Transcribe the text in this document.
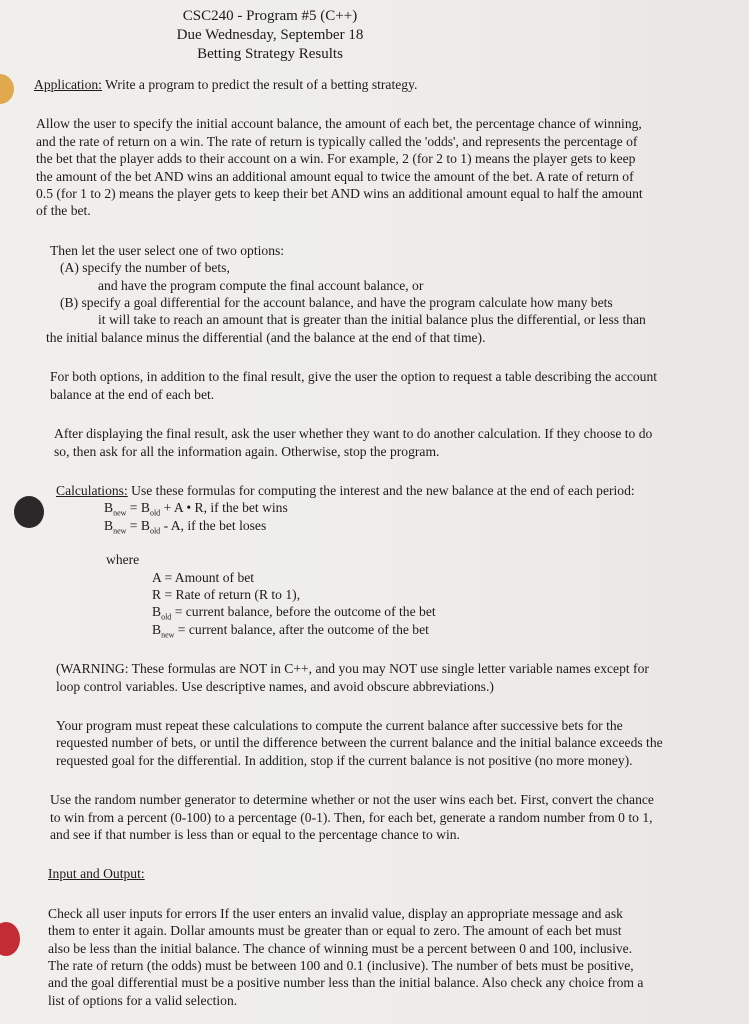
CSC240 - Program #5 (C++)
Due Wednesday, September 18
Betting Strategy Results
Application: Write a program to predict the result of a betting strategy.
Allow the user to specify the initial account balance, the amount of each bet, the percentage chance of winning,
and the rate of return on a win. The rate of return is typically called the 'odds', and represents the percentage of
the bet that the player adds to their account on a win. For example, 2 (for 2 to 1) means the player gets to keep
the amount of the bet AND wins an additional amount equal to twice the amount of the bet. A rate of return of
0.5 (for 1 to 2) means the player gets to keep their bet AND wins an additional amount equal to half the amount
of the bet.
Then let the user select one of two options:
(A) specify the number of bets,
and have the program compute the final account balance, or
(B) specify a goal differential for the account balance, and have the program calculate how many bets
it will take to reach an amount that is greater than the initial balance plus the differential, or less than
the initial balance minus the differential (and the balance at the end of that time).
For both options, in addition to the final result, give the user the option to request a table describing the account
balance at the end of each bet.
After displaying the final result, ask the user whether they want to do another calculation. If they choose to do
so, then ask for all the information again. Otherwise, stop the program.
Calculations: Use these formulas for computing the interest and the new balance at the end of each period:
$B_{new} = B_{old} + A$ • R, if the bet wins
$B_{new} = B_{old} - A$, if the bet loses
where
A = Amount of bet
R = Rate of return (R to 1),
$B_{old}$ = current balance, before the outcome of the bet
$B_{new}$ = current balance, after the outcome of the bet
(WARNING: These formulas are NOT in C++, and you may NOT use single letter variable names except for
loop control variables. Use descriptive names, and avoid obscure abbreviations.)
Your program must repeat these calculations to compute the current balance after successive bets for the
requested number of bets, or until the difference between the current balance and the initial balance exceeds the
requested goal for the differential. In addition, stop if the current balance is not positive (no more money).
Use the random number generator to determine whether or not the user wins each bet. First, convert the chance
to win from a percent (0-100) to a percentage (0-1). Then, for each bet, generate a random number from 0 to 1,
and see if that number is less than or equal to the percentage chance to win.
Input and Output:
Check all user inputs for errors If the user enters an invalid value, display an appropriate message and ask
them to enter it again. Dollar amounts must be greater than or equal to zero. The amount of each bet must
also be less than the initial balance. The chance of winning must be a percent between 0 and 100, inclusive.
The rate of return (the odds) must be between 100 and 0.1 (inclusive). The number of bets must be positive,
and the goal differential must be a positive number less than the initial balance. Also check any choice from a
list of options for a valid selection.
